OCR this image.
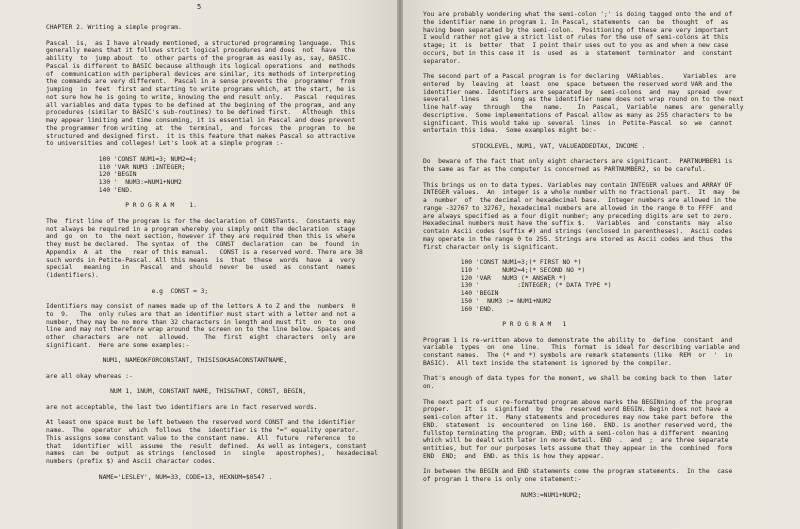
5
CHAPTER 2. Writing a simple program.
Pascal  is,  as I have already mentioned, a structured programming language.  This
generally means that it follows strict logical procedures and does  not  have  the
ability  to  jump about  to  other parts of the program as easily as, say, BASIC.
Pascal is different to BASIC because although its logical operations  and  methods
of  communication with peripheral devices are similar, its methods of interpreting
the commands are very different.  Pascal in a sense prevents the  programmer  from
jumping  in  feet  first and starting to write programs which, at the start, he is
not sure how he is going to write, knowing the end result only.   Pascal  requires
all variables and data types to be defined at the begining of the program, and any
procedures (similar to BASIC's sub-routines) to be defined first.   Although  this
may appear limiting and time consuming, it is essential in Pascal and does prevent
the programmer from writing  at  the  terminal,  and  forces  the  program  to  be
structured and designed first.  it is this feature that makes Pascal so attractive
to universities and colleges! Let's look at a simple program :-
100 'CONST NUM1=3; NUM2=4;
110 'VAR NUM3 :INTEGER;
120 'BEGIN
130 '  NUM3:=NUM1+NUM2
140 'END.
P R O G R A M    1.
The  first line of the program is for the declaration of CONSTants.  Constants may
not always be required in a program whereby you simply omit the declaration  stage
and  go  on  to  the next section, however if they are required then this is where
they must be declared.  The syntax  of  the  CONST  declaration  can  be  found  in
Appendix  A  at  the   rear of this manual.   CONST is a reserved word. There are 38
such words in Petite-Pascal. All this means  is  that  these  words  have  a  very
special   meaning   in   Pascal  and  should  never  be  used  as  constant  names
(identifiers).
e.g  CONST = 3;
Identifiers may consist of names made up of the letters A to Z and the  numbers  0
to  9.   The  only rules are that an identifier must start with a letter and not a
number, they may be no more than 32 characters in length and must fit  on  to  one
line and may not therefore wrap around the screen on to the line below. Spaces and
other  characters  are  not   allowed.    The  first  eight  characters  only  are
significant.  Here are some examples:-
NUM1, NAMEOKFORCONSTANT, THISISOKASACONSTANTNAME,
are all okay whereas :-
NUM 1, 1NUM, CONSTANT NAME, THIS&THAT, CONST, BEGIN,
are not acceptable, the last two identifiers are in fact reserved words.
At least one space must be left between the reserved word CONST and the identifier
name.  The  operator  which  follows  the  identifier is the "=" equality operator.
This assigns some constant value to the constant name.  All  future  reference  to
that   identifier  will  assume  the  result  defined.  As well as integers, constant
names  can  be  output  as strings  (enclosed  in   single   apostrophes),   hexadecimal
numbers (prefix $) and Ascii character codes.
NAME='LESLEY', NUM=33, CODE=13, HEXNUM=$0547 .
You are probably wondering what the semi-colon ';' is doing tagged onto the end of
the identifier name in program 1. In Pascal, statements  can  be  thought  of  as
having been separated by the semi-colon.  Positioning of these are very important
I would rather not give a strict list of rules for the use of semi-colons at this
stage; it  is  better  that  I point their uses out to you as and when a new case
occurs, but in this case it  is  used  as  a  statement  terminator  and  constant
separator.
The second part of a Pascal program is for declaring  VARiables.     Variables  are
entered  by  leaving  at  least  one  space  between the reserved word VAR and the
identifier name. Identifiers are separated by  semi-colons  and  may  spread  over
several   lines   as   long as the identifier name does not wrap round on to the next
line half-way   through   the   name.    In  Pascal,  Variable  names  are  generally
descriptive.  Some implementations of Pascal allow as many as 255 characters to be
significant. This would take up  several  lines  in  Petite-Pascal  so  we  cannot
entertain this idea.  Some examples might be:-
STOCKLEVEL, NUM1, VAT, VALUEADDEDTAX, INCOME .
Do  beware of the fact that only eight characters are significant.  PARTNUMBER1 is
the same as far as the computer is concerned as PARTNUMBER2, so be careful.
This brings us on to data types. Variables may contain INTEGER values and ARRAY OF
INTEGER values.  An  integer is a whole number with no fractional part.  It  may  be
a  number  of  the decimal or hexadecimal base.  Integer numbers are allowed in the
range -32767 to 32767, hexadecimal numbers are allowed in the range 0 to FFFF  and
are always specified as a four digit number; any preceding digits are set to zero.
Hexadecimal numbers must have the suffix $.   Variables  and  constants  may  also
contain Ascii codes (suffix #) and strings (enclosed in parentheses).  Ascii codes
may operate in the range 0 to 255. Strings are stored as Ascii codes and thus  the
first character only is significant.
100 'CONST NUM1=3;(* FIRST NO *)
110 '      NUM2=4;(* SECOND NO *)
120 'VAR   NUM3 (* ANSWER *)
130 '          :INTEGER; (* DATA TYPE *)
140 'BEGIN
150 '  NUM3 := NUM1+NUM2
160 'END.
P R O G R A M   1
Program 1 is re-written above to demonstrate the ability to  define  constant  and
variable  types  on  one  line.   This  format  is ideal for describing variable and
constant names.  The (* and *) symbols are remark statements (like  REM  or  '  in
BASIC).  All text inside the statement is ignored by the compiler.
That's enough of data types for the moment, we shall be coming back to them  later
on.
The next part of our re-formatted program above marks the BEGINning of the program
proper.    It  is  signified  by  the  reserved word BEGIN. Begin does not have a
semi-colon after it.  Many statements and procedures may now take part before  the
END.  statement  is  encountered  on line 160.  END. is another reserved word, the
fullstop terminating the program. END; with a semi-colon has a different  meaning
which will be dealt with later in more detail. END  .  and  ;  are three separate
entities, but for our purposes lets assume that they appear in the  combined  form
END  END;  and  END. as this is how they appear.
In between the BEGIN and END statements come the program statements.  In the  case
of program 1 there is only one statement:-
NUM3:=NUM1+NUM2;
